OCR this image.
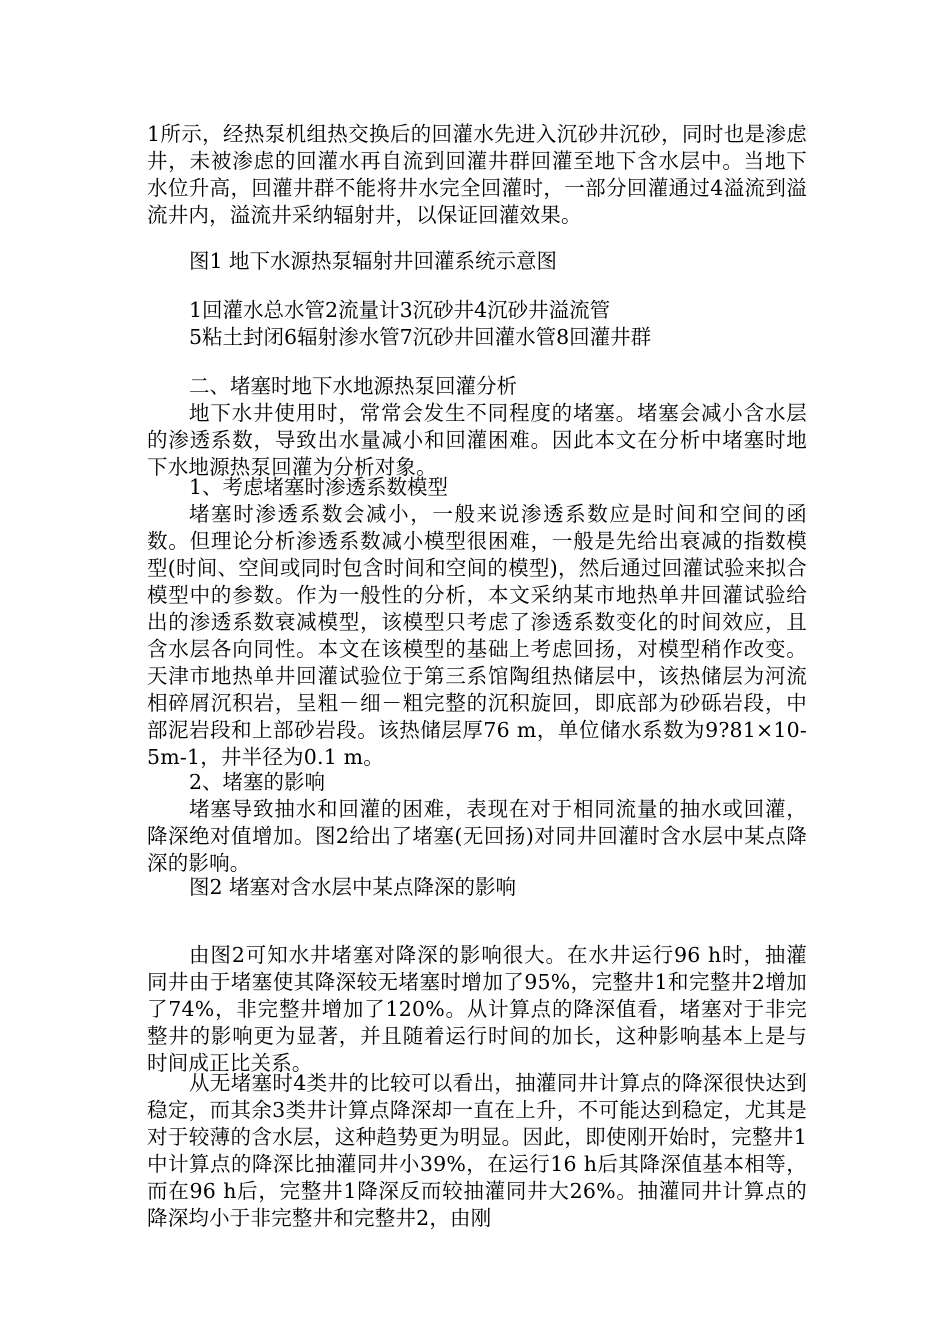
1所示，经热泵机组热交换后的回灌水先进入沉砂井沉砂，同时也是渗虑井，未被渗虑的回灌水再自流到回灌井群回灌至地下含水层中。当地下水位升高，回灌井群不能将井水完全回灌时，一部分回灌通过4溢流到溢流井内，溢流井采纳辐射井，以保证回灌效果。
图1 地下水源热泵辐射井回灌系统示意图
1回灌水总水管2流量计3沉砂井4沉砂井溢流管
5粘土封闭6辐射渗水管7沉砂井回灌水管8回灌井群
二、堵塞时地下水地源热泵回灌分析
地下水井使用时，常常会发生不同程度的堵塞。堵塞会减小含水层的渗透系数，导致出水量减小和回灌困难。因此本文在分析中堵塞时地下水地源热泵回灌为分析对象。
1、考虑堵塞时渗透系数模型
堵塞时渗透系数会减小，一般来说渗透系数应是时间和空间的函数。但理论分析渗透系数减小模型很困难，一般是先给出衰减的指数模型(时间、空间或同时包含时间和空间的模型)，然后通过回灌试验来拟合模型中的参数。作为一般性的分析，本文采纳某市地热单井回灌试验给出的渗透系数衰减模型，该模型只考虑了渗透系数变化的时间效应，且含水层各向同性。本文在该模型的基础上考虑回扬，对模型稍作改变。天津市地热单井回灌试验位于第三系馆陶组热储层中，该热储层为河流相碎屑沉积岩，呈粗－细－粗完整的沉积旋回，即底部为砂砾岩段，中部泥岩段和上部砂岩段。该热储层厚76 m，单位储水系数为9?81×10-5m-1，井半径为0.1 m。
2、堵塞的影响
堵塞导致抽水和回灌的困难，表现在对于相同流量的抽水或回灌，降深绝对值增加。图2给出了堵塞(无回扬)对同井回灌时含水层中某点降深的影响。
图2 堵塞对含水层中某点降深的影响
由图2可知水井堵塞对降深的影响很大。在水井运行96 h时，抽灌同井由于堵塞使其降深较无堵塞时增加了95%，完整井1和完整井2增加了74%，非完整井增加了120%。从计算点的降深值看，堵塞对于非完整井的影响更为显著，并且随着运行时间的加长，这种影响基本上是与时间成正比关系。
从无堵塞时4类井的比较可以看出，抽灌同井计算点的降深很快达到稳定，而其余3类井计算点降深却一直在上升，不可能达到稳定，尤其是对于较薄的含水层，这种趋势更为明显。因此，即使刚开始时，完整井1中计算点的降深比抽灌同井小39%，在运行16 h后其降深值基本相等，而在96 h后，完整井1降深反而较抽灌同井大26%。抽灌同井计算点的降深均小于非完整井和完整井2，由刚
